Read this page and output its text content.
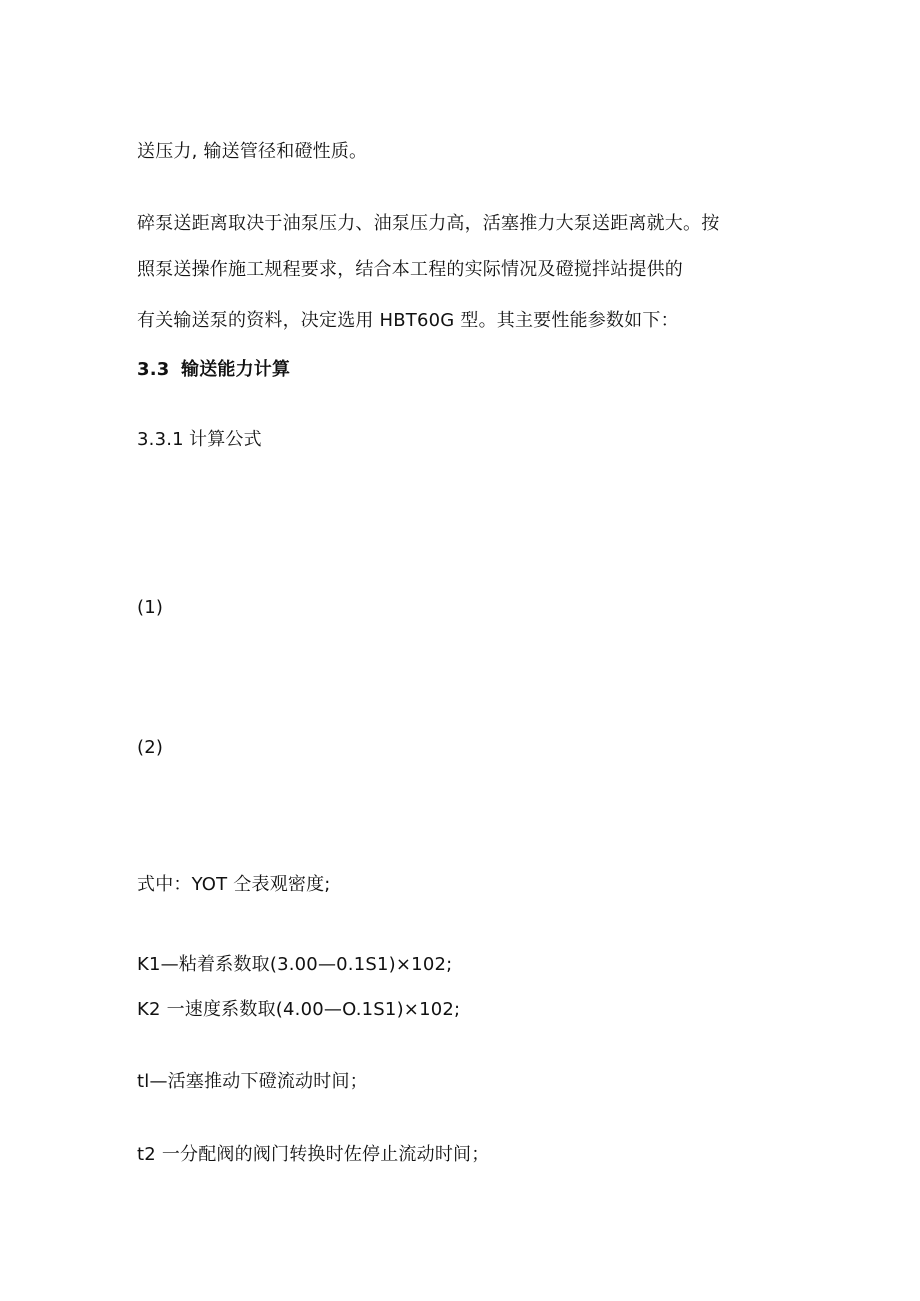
送压力, 输送管径和磴性质。

碎泵送距离取决于油泵压力、油泵压力高，活塞推力大泵送距离就大。按

照泵送操作施工规程要求，结合本工程的实际情况及磴搅拌站提供的

有关输送泵的资料，决定选用 HBT60G 型。其主要性能参数如下：

3.3 输送能力计算
3.3.1 计算公式

(1)

(2)

式中：YOT 仝表观密度;

K1—粘着系数取(3.00—0.1S1)×102;

K2 一速度系数取(4.00—O.1S1)×102;

tl—活塞推动下磴流动时间；

t2 一分配阀的阀门转换时佐停止流动时间；
